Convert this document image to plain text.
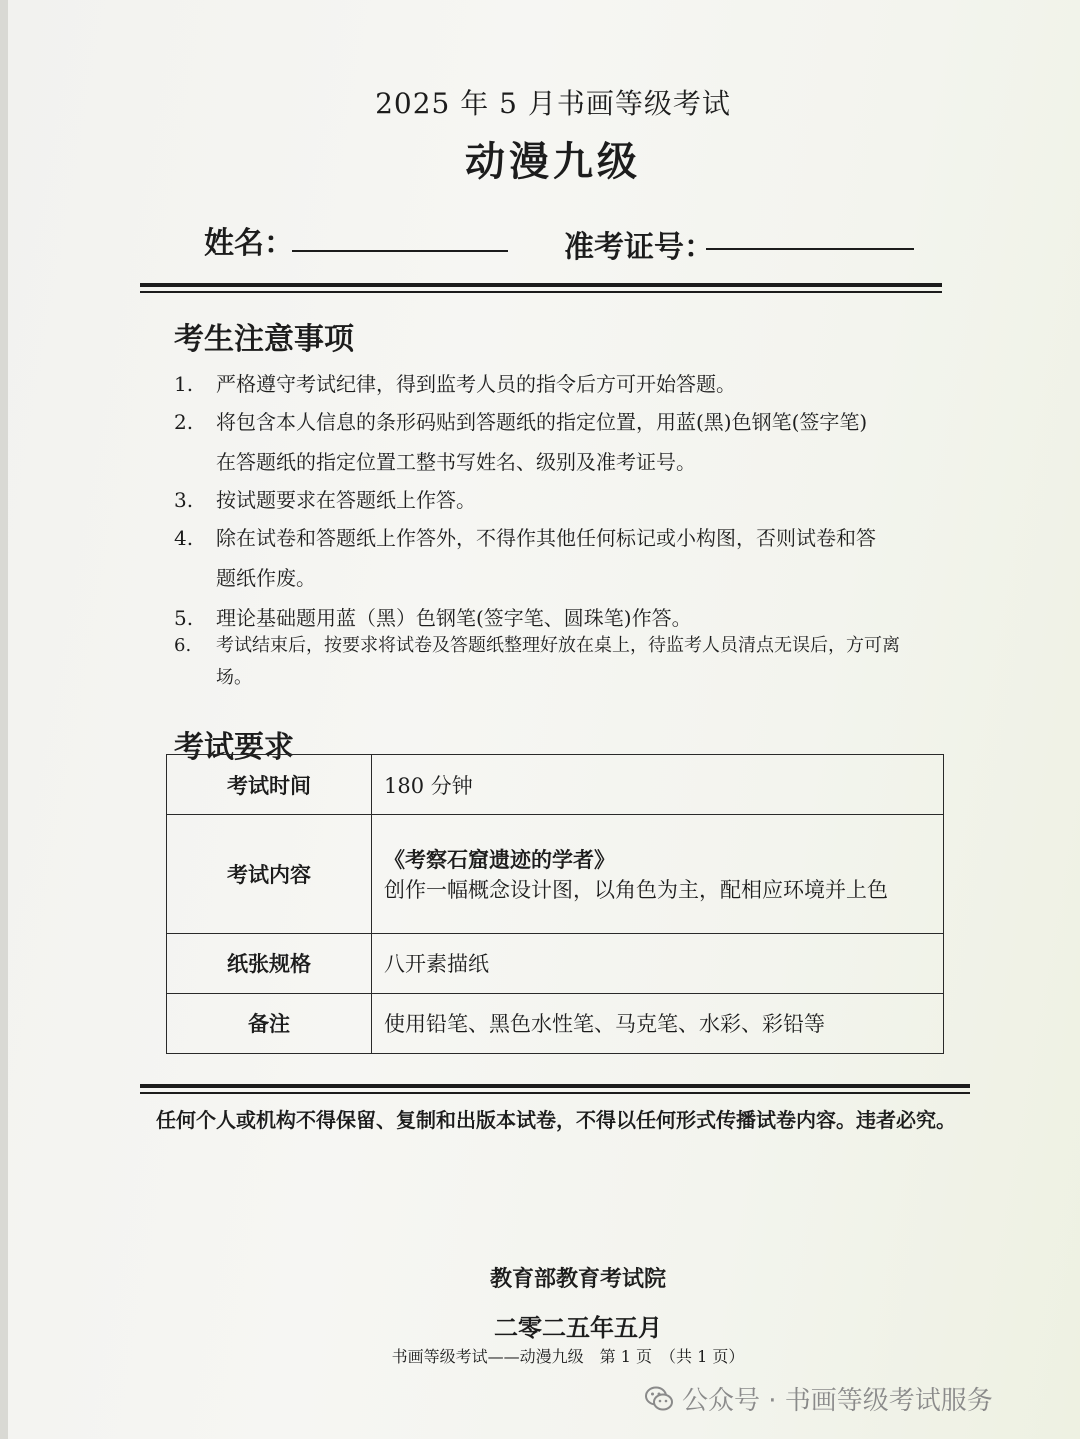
2025 年 5 月书画等级考试
动漫九级
姓名：	准考证号：
考生注意事项
1.	严格遵守考试纪律，得到监考人员的指令后方可开始答题。
2.	将包含本人信息的条形码贴到答题纸的指定位置，用蓝(黑)色钢笔(签字笔)
在答题纸的指定位置工整书写姓名、级别及准考证号。
3.	按试题要求在答题纸上作答。
4.	除在试卷和答题纸上作答外，不得作其他任何标记或小构图，否则试卷和答
题纸作废。
5.	理论基础题用蓝（黑）色钢笔(签字笔、圆珠笔)作答。
6.	考试结束后，按要求将试卷及答题纸整理好放在桌上，待监考人员清点无误后，方可离
场。
考试要求
考试时间	180 分钟
考试内容	《考察石窟遗迹的学者》
创作一幅概念设计图，以角色为主，配相应环境并上色

纸张规格	八开素描纸
备注	使用铅笔、黑色水性笔、马克笔、水彩、彩铅等
任何个人或机构不得保留、复制和出版本试卷，不得以任何形式传播试卷内容。违者必究。
教育部教育考试院
二零二五年五月
书画等级考试——动漫九级　第 1 页　（共 1 页）
公众号 · 书画等级考试服务
